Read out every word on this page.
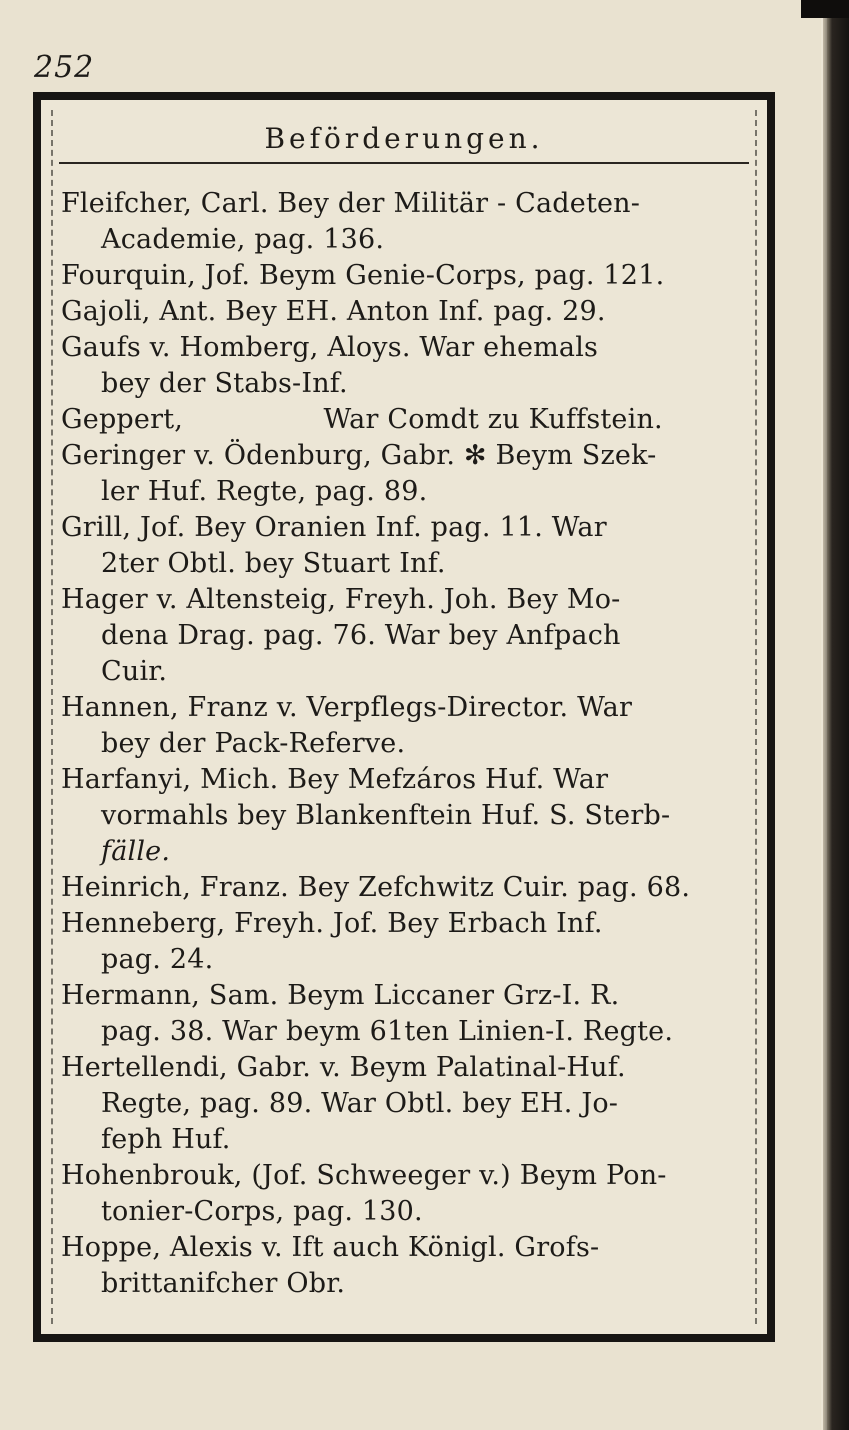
252
Beförderungen.
Fleifcher, Carl. Bey der Militär - Cadeten-
Academie, pag. 136.
Fourquin, Jof. Beym Genie-Corps, pag. 121.
Gajoli, Ant. Bey EH. Anton Inf. pag. 29.
Gaufs v. Homberg, Aloys. War ehemals
bey der Stabs-Inf.
Geppert,                War Comdt zu Kuffstein.
Geringer v. Ödenburg, Gabr. ✻ Beym Szek-
ler Huf. Regte, pag. 89.
Grill, Jof. Bey Oranien Inf. pag. 11. War
2ter Obtl. bey Stuart Inf.
Hager v. Altensteig, Freyh. Joh. Bey Mo-
dena Drag. pag. 76. War bey Anfpach
Cuir.
Hannen, Franz v. Verpflegs-Director. War
bey der Pack-Referve.
Harfanyi, Mich. Bey Mefzáros Huf. War
vormahls bey Blankenftein Huf. S. Sterb-
fälle.
Heinrich, Franz. Bey Zefchwitz Cuir. pag. 68.
Henneberg, Freyh. Jof. Bey Erbach Inf.
pag. 24.
Hermann, Sam. Beym Liccaner Grz-I. R.
pag. 38. War beym 61ten Linien-I. Regte.
Hertellendi, Gabr. v. Beym Palatinal-Huf.
Regte, pag. 89. War Obtl. bey EH. Jo-
feph Huf.
Hohenbrouk, (Jof. Schweeger v.) Beym Pon-
tonier-Corps, pag. 130.
Hoppe, Alexis v. Ift auch Königl. Grofs-
brittanifcher Obr.
